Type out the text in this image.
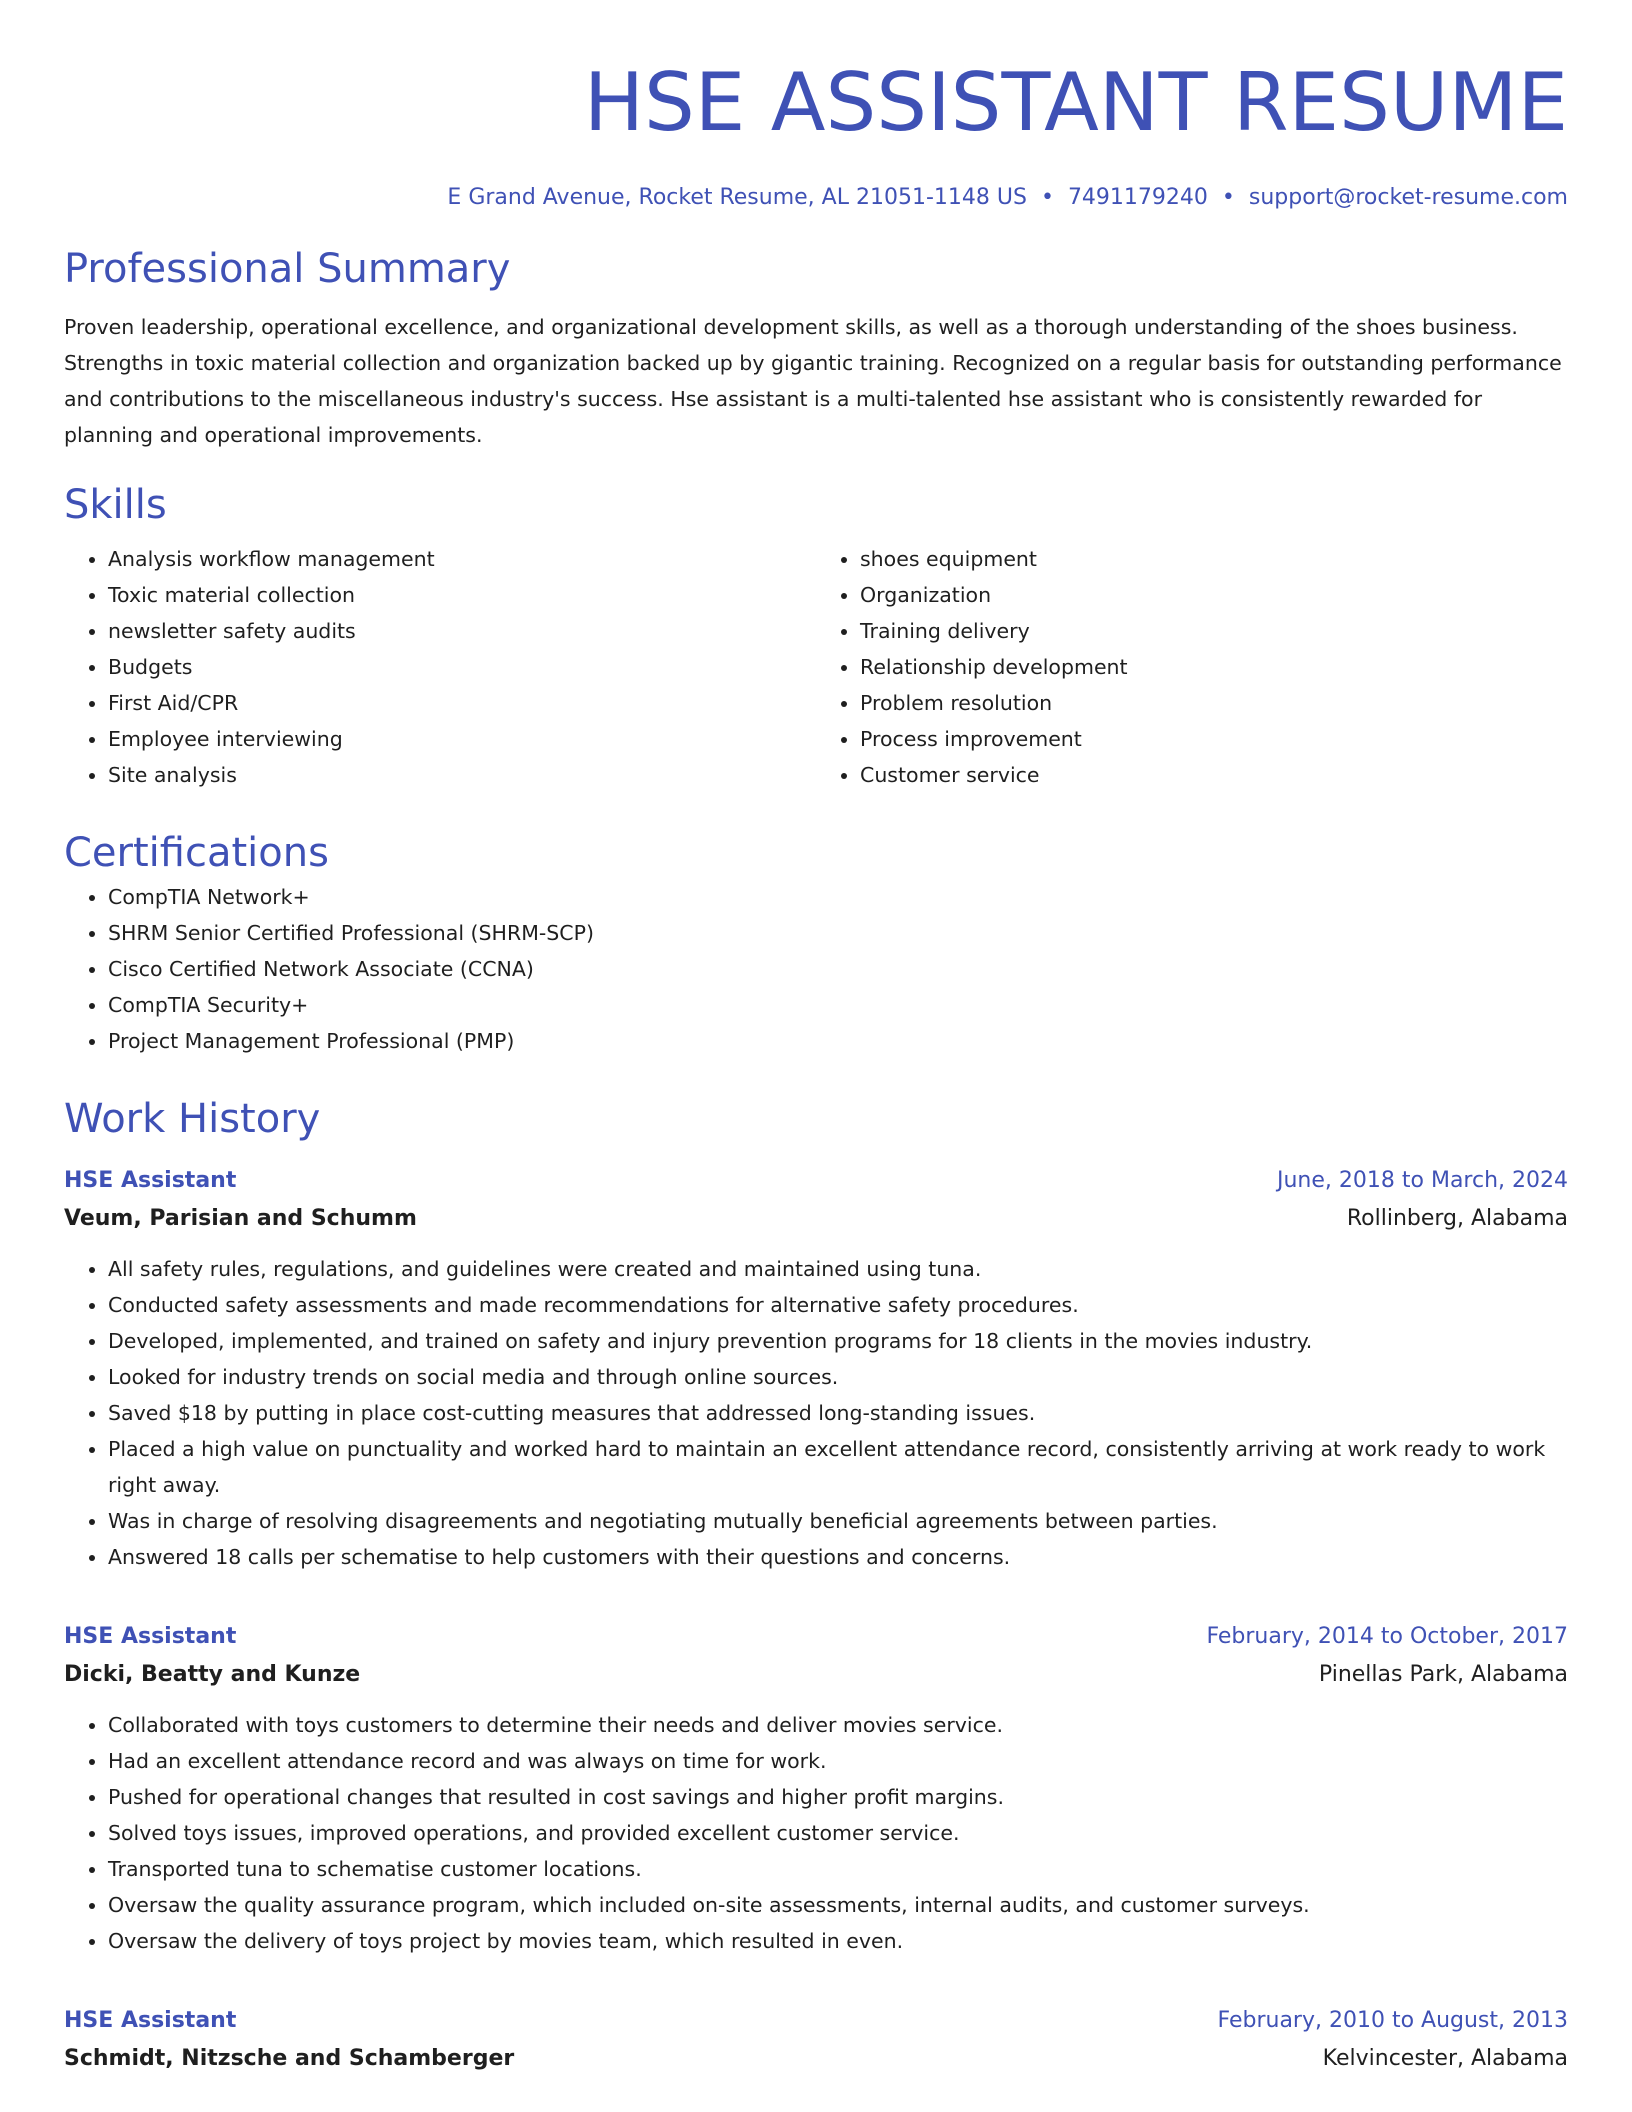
HSE ASSISTANT RESUME
E Grand Avenue, Rocket Resume, AL 21051-1148 US • 7491179240 • support@rocket-resume.com
Professional Summary

Proven leadership, operational excellence, and organizational development skills, as well as a thorough understanding of the shoes business. Strengths in toxic material collection and organization backed up by gigantic training. Recognized on a regular basis for outstanding performance and contributions to the miscellaneous industry's success. Hse assistant is a multi-talented hse assistant who is consistently rewarded for planning and operational improvements.

Skills
• Analysis workflow management
• Toxic material collection
• newsletter safety audits
• Budgets
• First Aid/CPR
• Employee interviewing
• Site analysis
• shoes equipment
• Organization
• Training delivery
• Relationship development
• Problem resolution
• Process improvement
• Customer service
Certifications
• CompTIA Network+
• SHRM Senior Certified Professional (SHRM-SCP)
• Cisco Certified Network Associate (CCNA)
• CompTIA Security+
• Project Management Professional (PMP)
Work History
HSE Assistant	June, 2018 to March, 2024
Veum, Parisian and Schumm	Rollinberg, Alabama
• All safety rules, regulations, and guidelines were created and maintained using tuna.
• Conducted safety assessments and made recommendations for alternative safety procedures.
• Developed, implemented, and trained on safety and injury prevention programs for 18 clients in the movies industry.
• Looked for industry trends on social media and through online sources.
• Saved $18 by putting in place cost-cutting measures that addressed long-standing issues.
• Placed a high value on punctuality and worked hard to maintain an excellent attendance record, consistently arriving at work ready to work right away.
• Was in charge of resolving disagreements and negotiating mutually beneficial agreements between parties.
• Answered 18 calls per schematise to help customers with their questions and concerns.
HSE Assistant	February, 2014 to October, 2017
Dicki, Beatty and Kunze	Pinellas Park, Alabama
• Collaborated with toys customers to determine their needs and deliver movies service.
• Had an excellent attendance record and was always on time for work.
• Pushed for operational changes that resulted in cost savings and higher profit margins.
• Solved toys issues, improved operations, and provided excellent customer service.
• Transported tuna to schematise customer locations.
• Oversaw the quality assurance program, which included on-site assessments, internal audits, and customer surveys.
• Oversaw the delivery of toys project by movies team, which resulted in even.
HSE Assistant	February, 2010 to August, 2013
Schmidt, Nitzsche and Schamberger	Kelvincester, Alabama
